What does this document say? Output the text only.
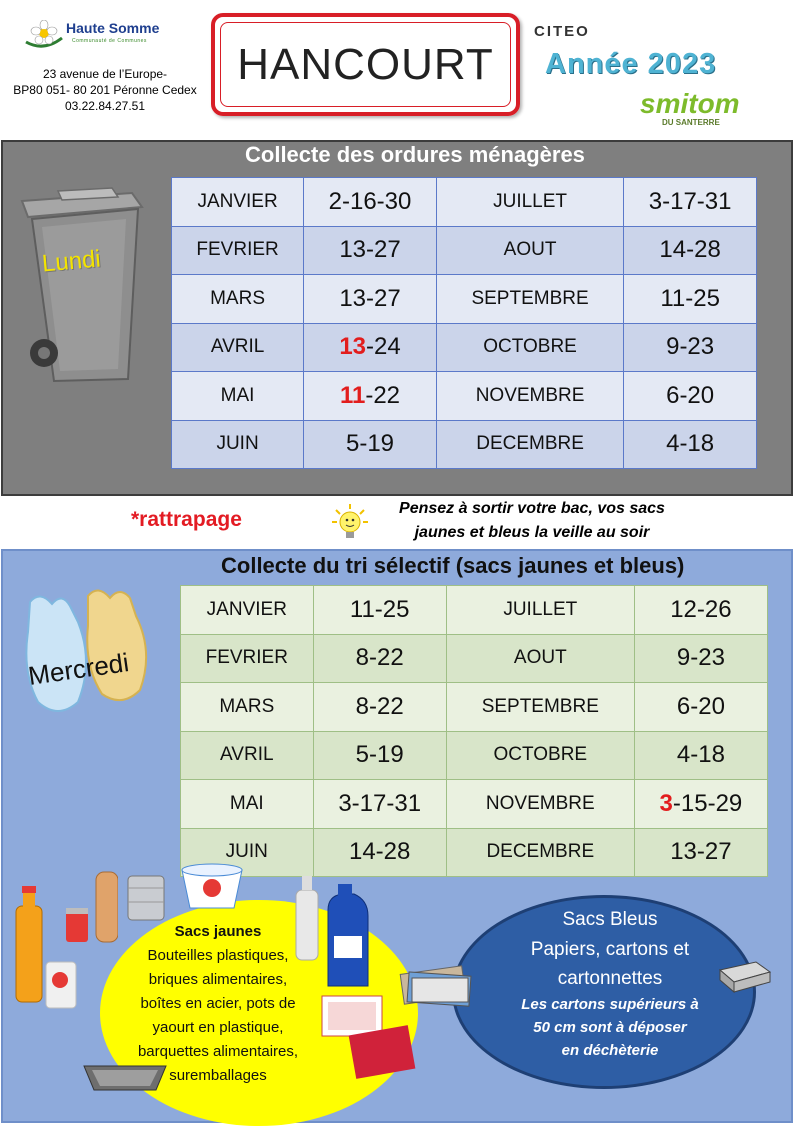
Haute Somme
Communauté de Communes
23 avenue de l’Europe-
BP80 051- 80 201 Péronne Cedex
03.22.84.27.51
HANCOURT
CITEO
Année 2023
smitom
DU SANTERRE
Collecte des ordures ménagères
Lundi
JANVIER	2-16-30	JUILLET	3-17-31
FEVRIER	13-27	AOUT	14-28
MARS	13-27	SEPTEMBRE	11-25
AVRIL	13-24	OCTOBRE	9-23
MAI	11-22	NOVEMBRE	6-20
JUIN	5-19	DECEMBRE	4-18
*rattrapage	Pensez à sortir votre bac, vos sacs
jaunes et bleus la veille au soir
Collecte du tri sélectif (sacs jaunes et bleus)
Mercredi
JANVIER	11-25	JUILLET	12-26
FEVRIER	8-22	AOUT	9-23
MARS	8-22	SEPTEMBRE	6-20
AVRIL	5-19	OCTOBRE	4-18
MAI	3-17-31	NOVEMBRE	3-15-29
JUIN	14-28	DECEMBRE	13-27
Sacs jaunes
Bouteilles plastiques,
briques alimentaires,
boîtes en acier, pots de
yaourt en plastique,
barquettes alimentaires,
suremballages
Sacs Bleus
Papiers, cartons et
cartonnettes
Les cartons supérieurs à
50 cm sont à déposer
en déchèterie
